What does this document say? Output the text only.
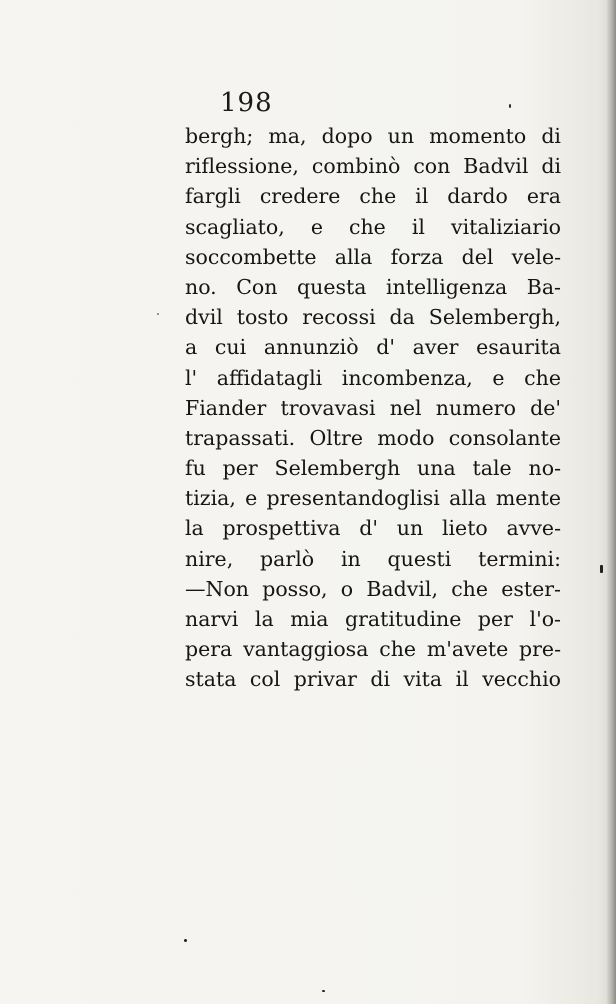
198

bergh; ma, dopo un momento di
riflessione, combinò con Badvil di
fargli credere che il dardo era
scagliato, e che il vitaliziario
soccombette alla forza del vele-
no. Con questa intelligenza Ba-
dvil tosto recossi da Selembergh,
a cui annunziò d' aver esaurita
l' affidatagli incombenza, e che
Fiander trovavasi nel numero de'
trapassati. Oltre modo consolante
fu per Selembergh una tale no-
tizia, e presentandoglisi alla mente
la prospettiva d' un lieto avve-
nire, parlò in questi termini:
—Non posso, o Badvil, che ester-
narvi la mia gratitudine per l'o-
pera vantaggiosa che m'avete pre-
stata col privar di vita il vecchio
